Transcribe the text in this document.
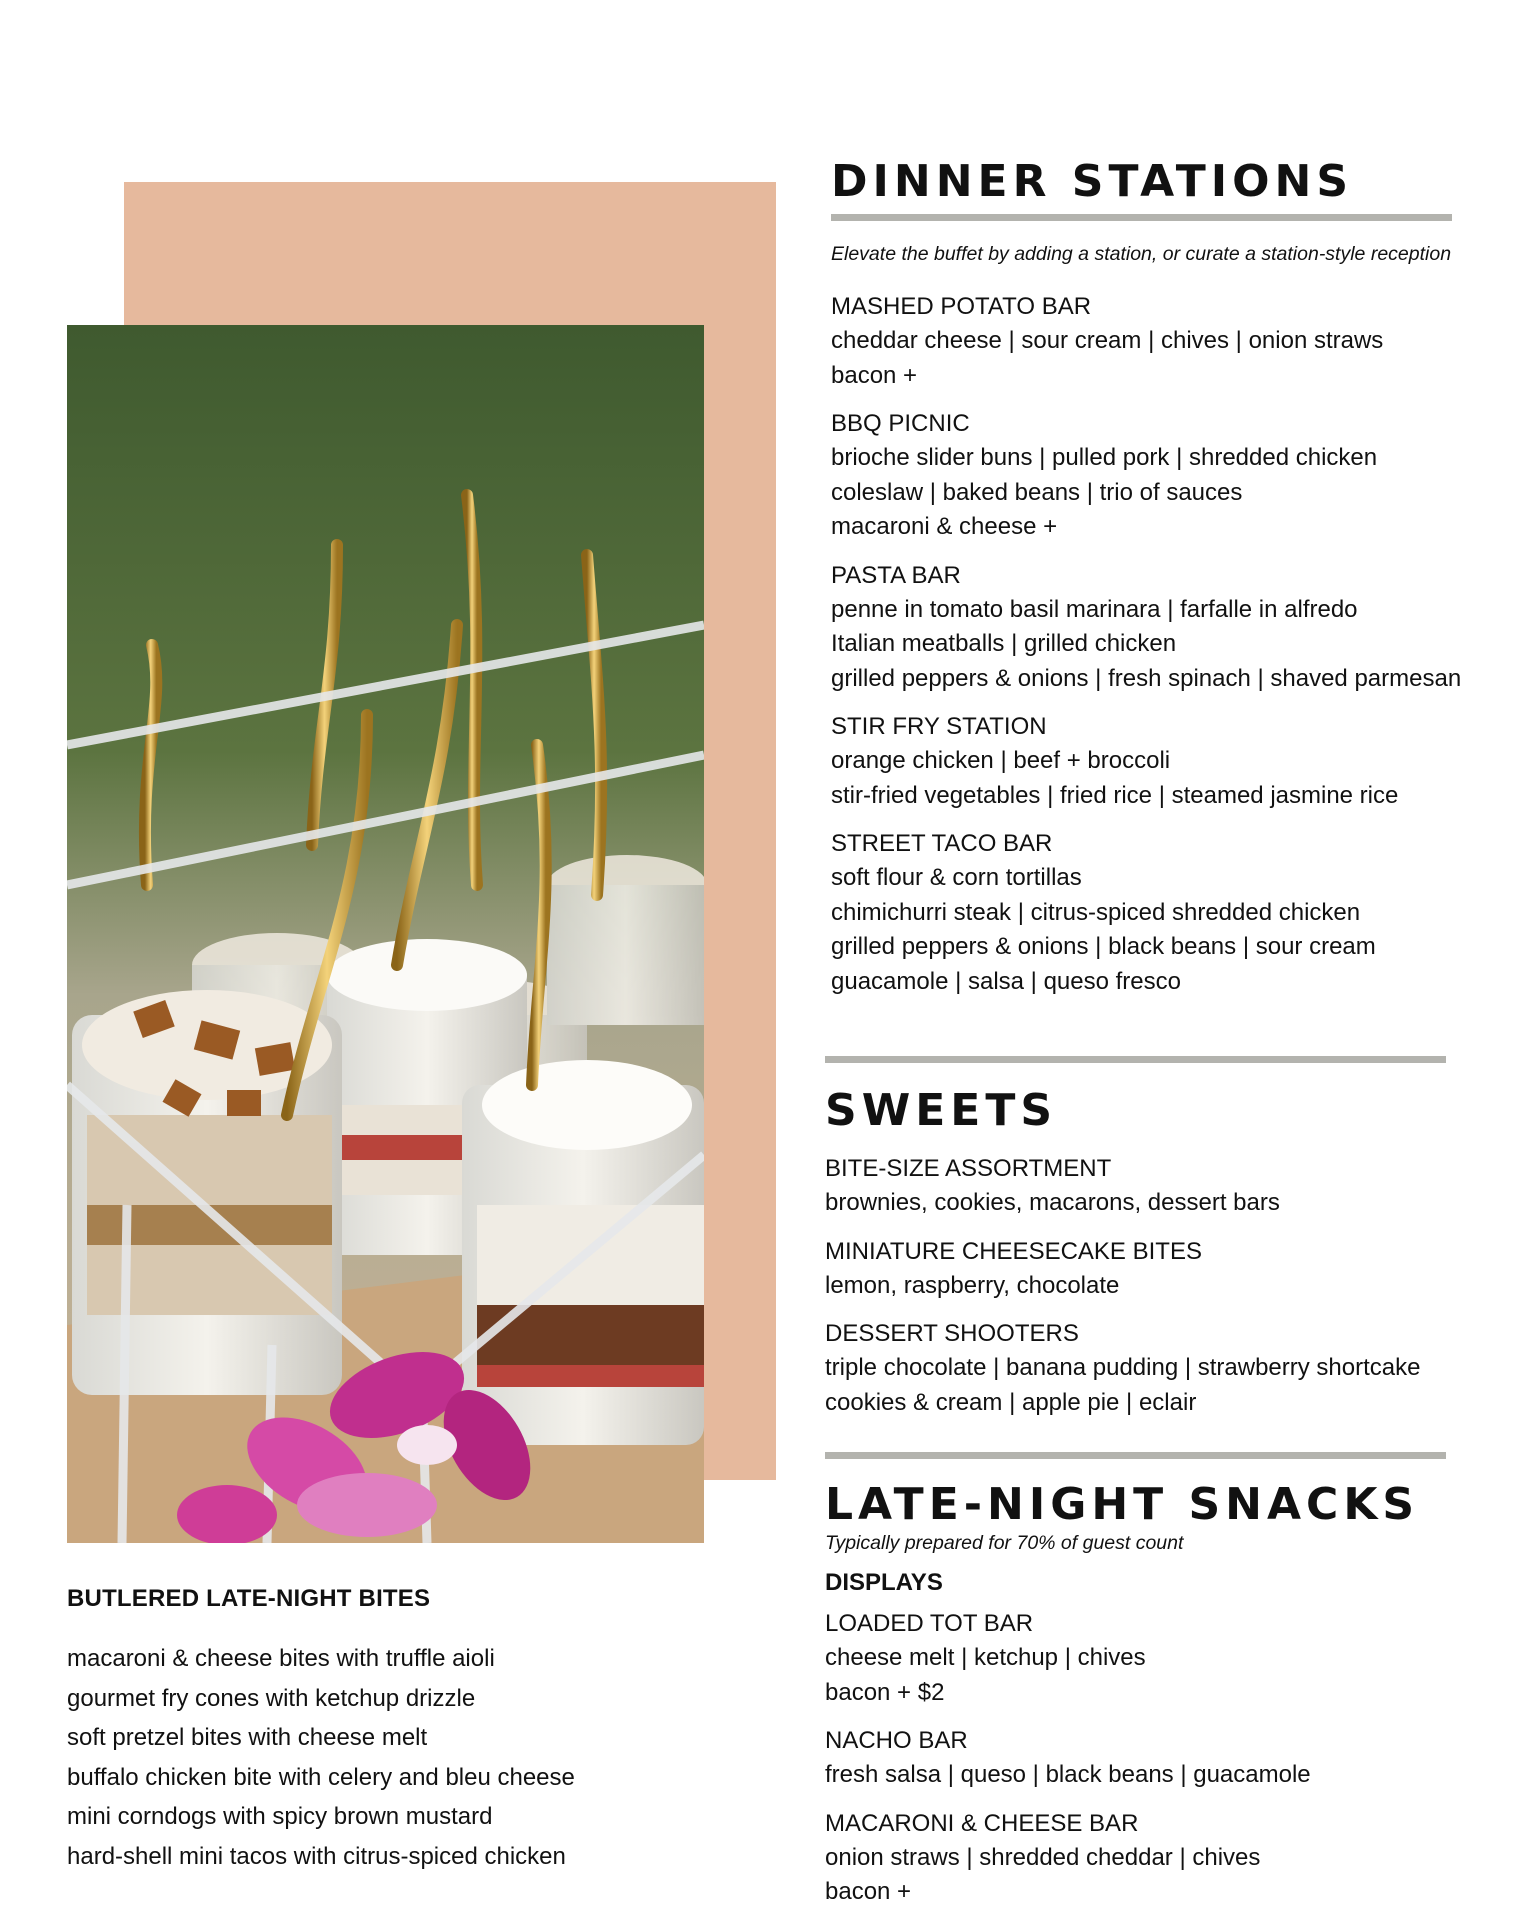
BUTLERED LATE-NIGHT BITES
macaroni & cheese bites with truffle aioli
gourmet fry cones with ketchup drizzle
soft pretzel bites with cheese melt
buffalo chicken bite with celery and bleu cheese
mini corndogs with spicy brown mustard
hard-shell mini tacos with citrus-spiced chicken
DINNER STATIONS
Elevate the buffet by adding a station, or curate a station-style reception
MASHED POTATO BAR
cheddar cheese | sour cream | chives | onion straws
bacon +
BBQ PICNIC
brioche slider buns | pulled pork | shredded chicken
coleslaw | baked beans | trio of sauces
macaroni & cheese +
PASTA BAR
penne in tomato basil marinara | farfalle in alfredo
Italian meatballs | grilled chicken
grilled peppers & onions | fresh spinach | shaved parmesan
STIR FRY STATION
orange chicken | beef + broccoli
stir-fried vegetables | fried rice | steamed jasmine rice
STREET TACO BAR
soft flour & corn tortillas
chimichurri steak | citrus-spiced shredded chicken
grilled peppers & onions | black beans | sour cream
guacamole | salsa | queso fresco
SWEETS
BITE-SIZE ASSORTMENT
brownies, cookies, macarons, dessert bars
MINIATURE CHEESECAKE BITES
lemon, raspberry, chocolate
DESSERT SHOOTERS
triple chocolate | banana pudding | strawberry shortcake
cookies & cream | apple pie | eclair
LATE-NIGHT SNACKS
Typically prepared for 70% of guest count
DISPLAYS
LOADED TOT BAR
cheese melt | ketchup | chives
bacon + $2
NACHO BAR
fresh salsa | queso | black beans | guacamole
MACARONI & CHEESE BAR
onion straws | shredded cheddar | chives
bacon +
